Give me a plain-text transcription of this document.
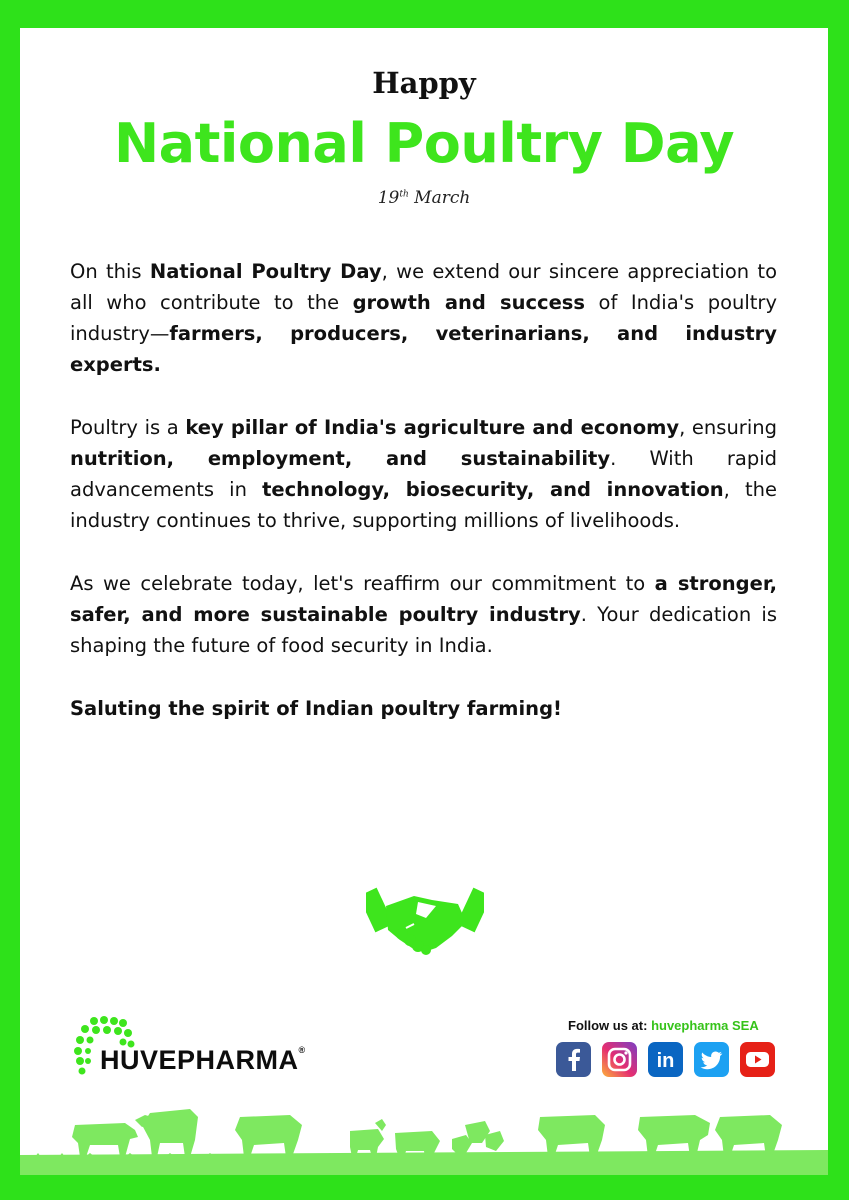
Happy
National Poultry Day
19th March

On this National Poultry Day, we extend our sincere appreciation to all who contribute to the growth and success of India's poultry industry—farmers, producers, veterinarians, and industry experts.

Poultry is a key pillar of India's agriculture and economy, ensuring nutrition, employment, and sustainability. With rapid advancements in technology, biosecurity, and innovation, the industry continues to thrive, supporting millions of livelihoods.

As we celebrate today, let's reaffirm our commitment to a stronger, safer, and more sustainable poultry industry. Your dedication is shaping the future of food security in India.

Saluting the spirit of Indian poultry farming!

HUVEPHARMA®
Follow us at: huvepharma SEA
in
